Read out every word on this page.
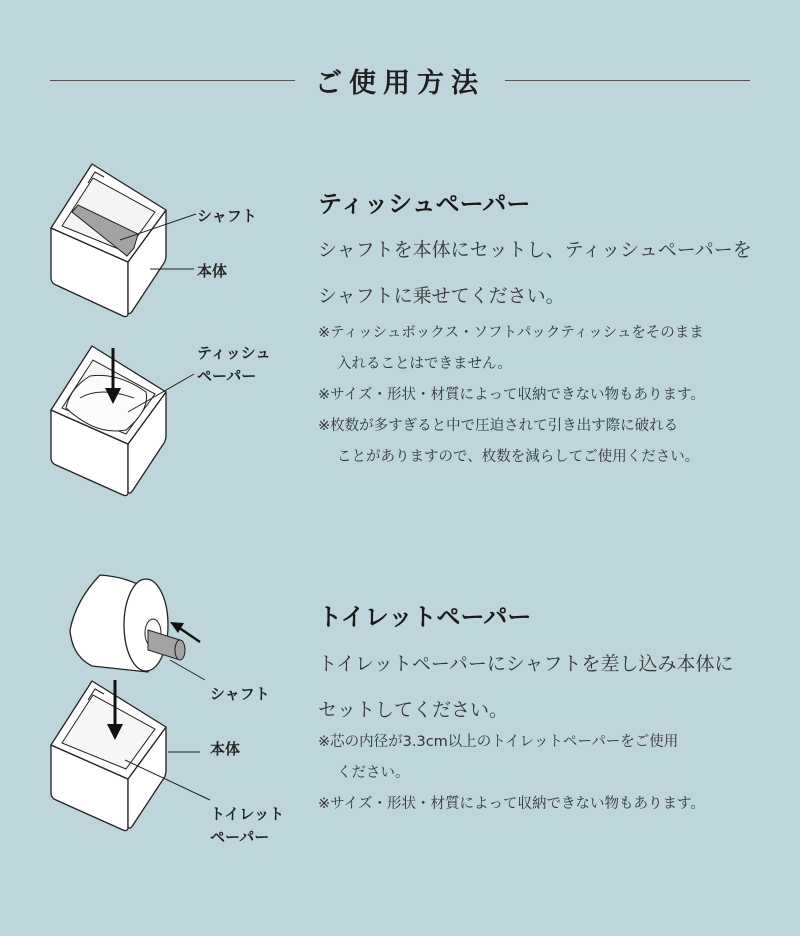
ご使用方法
シャフト
本体
ティッシュ
ペーパー
ティッシュペーパー
シャフトを本体にセットし、ティッシュペーパーを
シャフトに乗せてください。
※ティッシュボックス・ソフトパックティッシュをそのまま
入れることはできません。
※サイズ・形状・材質によって収納できない物もあります。
※枚数が多すぎると中で圧迫されて引き出す際に破れる
ことがありますので、枚数を減らしてご使用ください。
シャフト
本体
トイレット
ペーパー
トイレットペーパー
トイレットペーパーにシャフトを差し込み本体に
セットしてください。
※芯の内径が3.3cm以上のトイレットペーパーをご使用
ください。
※サイズ・形状・材質によって収納できない物もあります。
